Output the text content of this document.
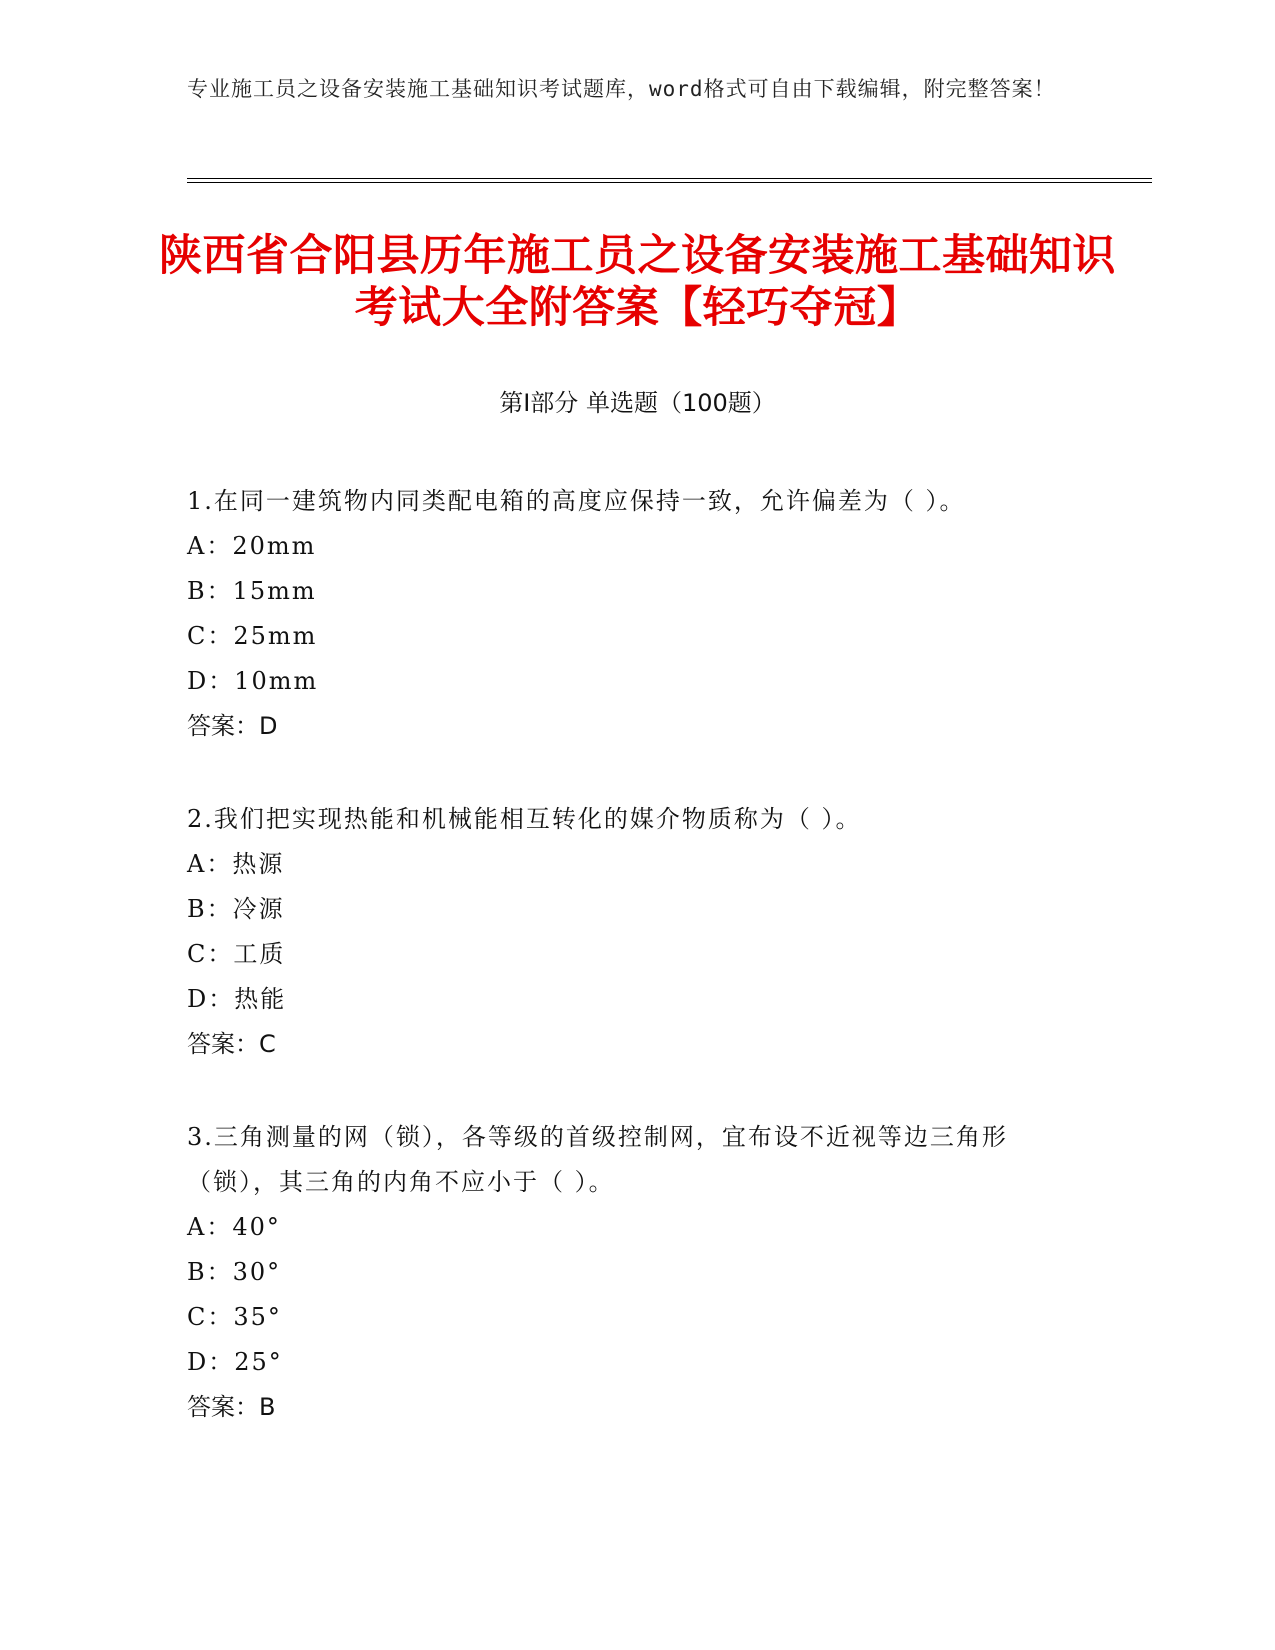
专业施工员之设备安装施工基础知识考试题库，word格式可自由下载编辑，附完整答案！
陕西省合阳县历年施工员之设备安装施工基础知识考试大全附答案【轻巧夺冠】
第Ⅰ部分 单选题（100题）

1.在同一建筑物内同类配电箱的高度应保持一致，允许偏差为（ ）。

A：20mm

B：15mm

C：25mm

D：10mm

答案：D

2.我们把实现热能和机械能相互转化的媒介物质称为（ ）。

A：热源

B：冷源

C：工质

D：热能

答案：C

3.三角测量的网（锁），各等级的首级控制网，宜布设不近视等边三角形（锁），其三角的内角不应小于（ ）。

A：40°

B：30°

C：35°

D：25°

答案：B
